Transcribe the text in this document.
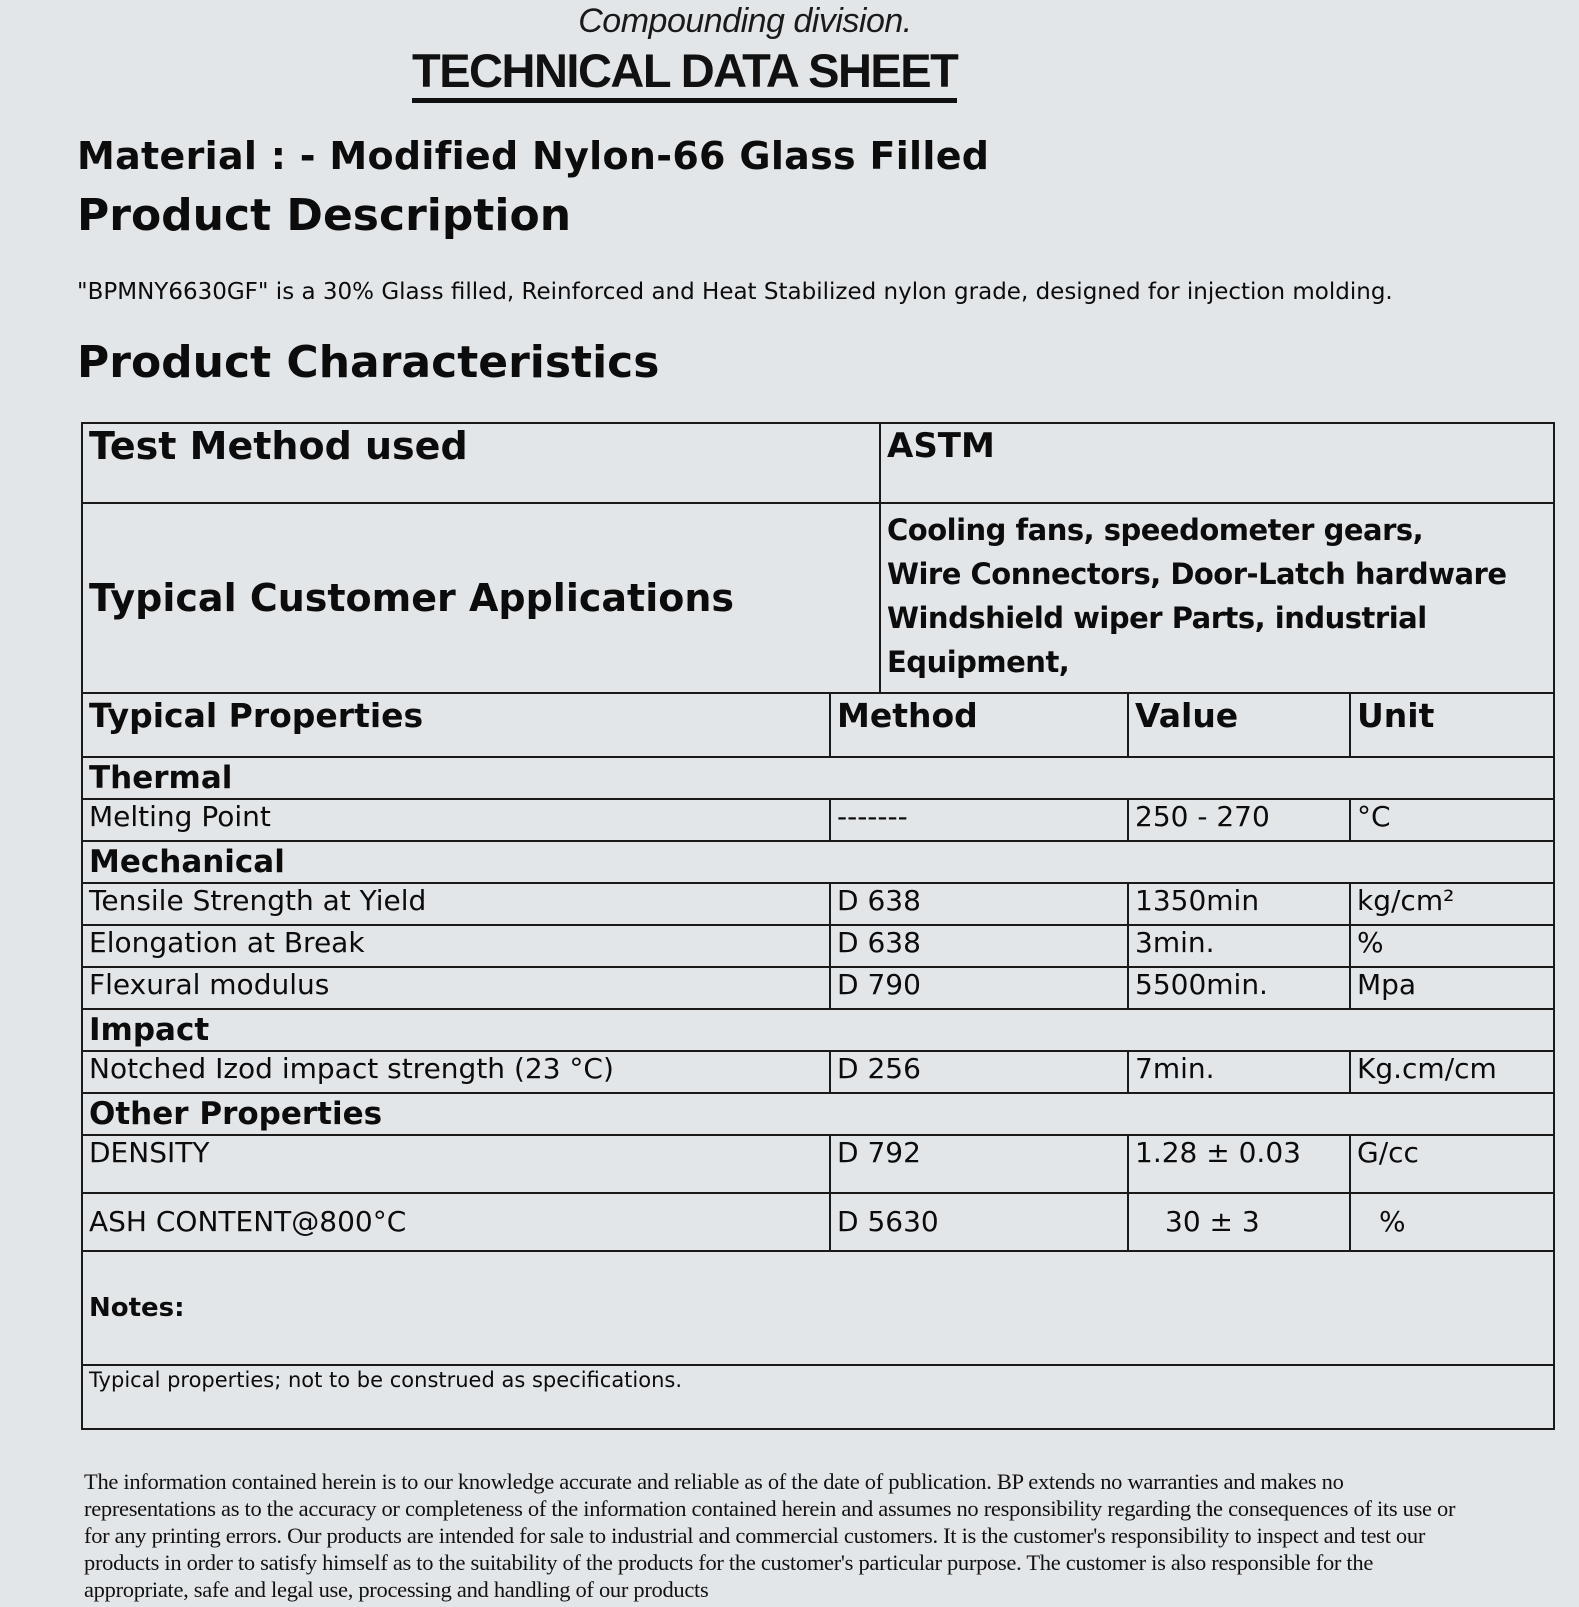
Compounding division.
TECHNICAL DATA SHEET
Material : - Modified Nylon-66 Glass Filled
Product Description
"BPMNY6630GF" is a 30% Glass filled, Reinforced and Heat Stabilized nylon grade, designed for injection molding.
Product Characteristics
Test Method used		ASTM		
Typical Customer Applications		Cooling fans, speedometer gears,
Wire Connectors, Door-Latch hardware
Windshield wiper Parts, industrial
Equipment,		

Typical Properties	Method		Value	Unit
Thermal				
Melting Point	-------		250 - 270	°C
Mechanical				
Tensile Strength at Yield	D 638		1350min	kg/cm²
Elongation at Break	D 638		3min.	%
Flexural modulus	D 790		5500min.	Mpa
Impact				
Notched Izod impact strength (23 °C)	D 256		7min.	Kg.cm/cm
Other Properties				
DENSITY	D 792		1.28 ± 0.03	G/cc
ASH CONTENT@800°C	D 5630		30 ± 3	%
Notes:				
Typical properties; not to be construed as specifications.				
The information contained herein is to our knowledge accurate and reliable as of the date of publication. BP extends no warranties and makes no representations as to the accuracy or completeness of the information contained herein and assumes no responsibility regarding the consequences of its use or for any printing errors. Our products are intended for sale to industrial and commercial customers. It is the customer's responsibility to inspect and test our products in order to satisfy himself as to the suitability of the products for the customer's particular purpose. The customer is also responsible for the appropriate, safe and legal use, processing and handling of our products
